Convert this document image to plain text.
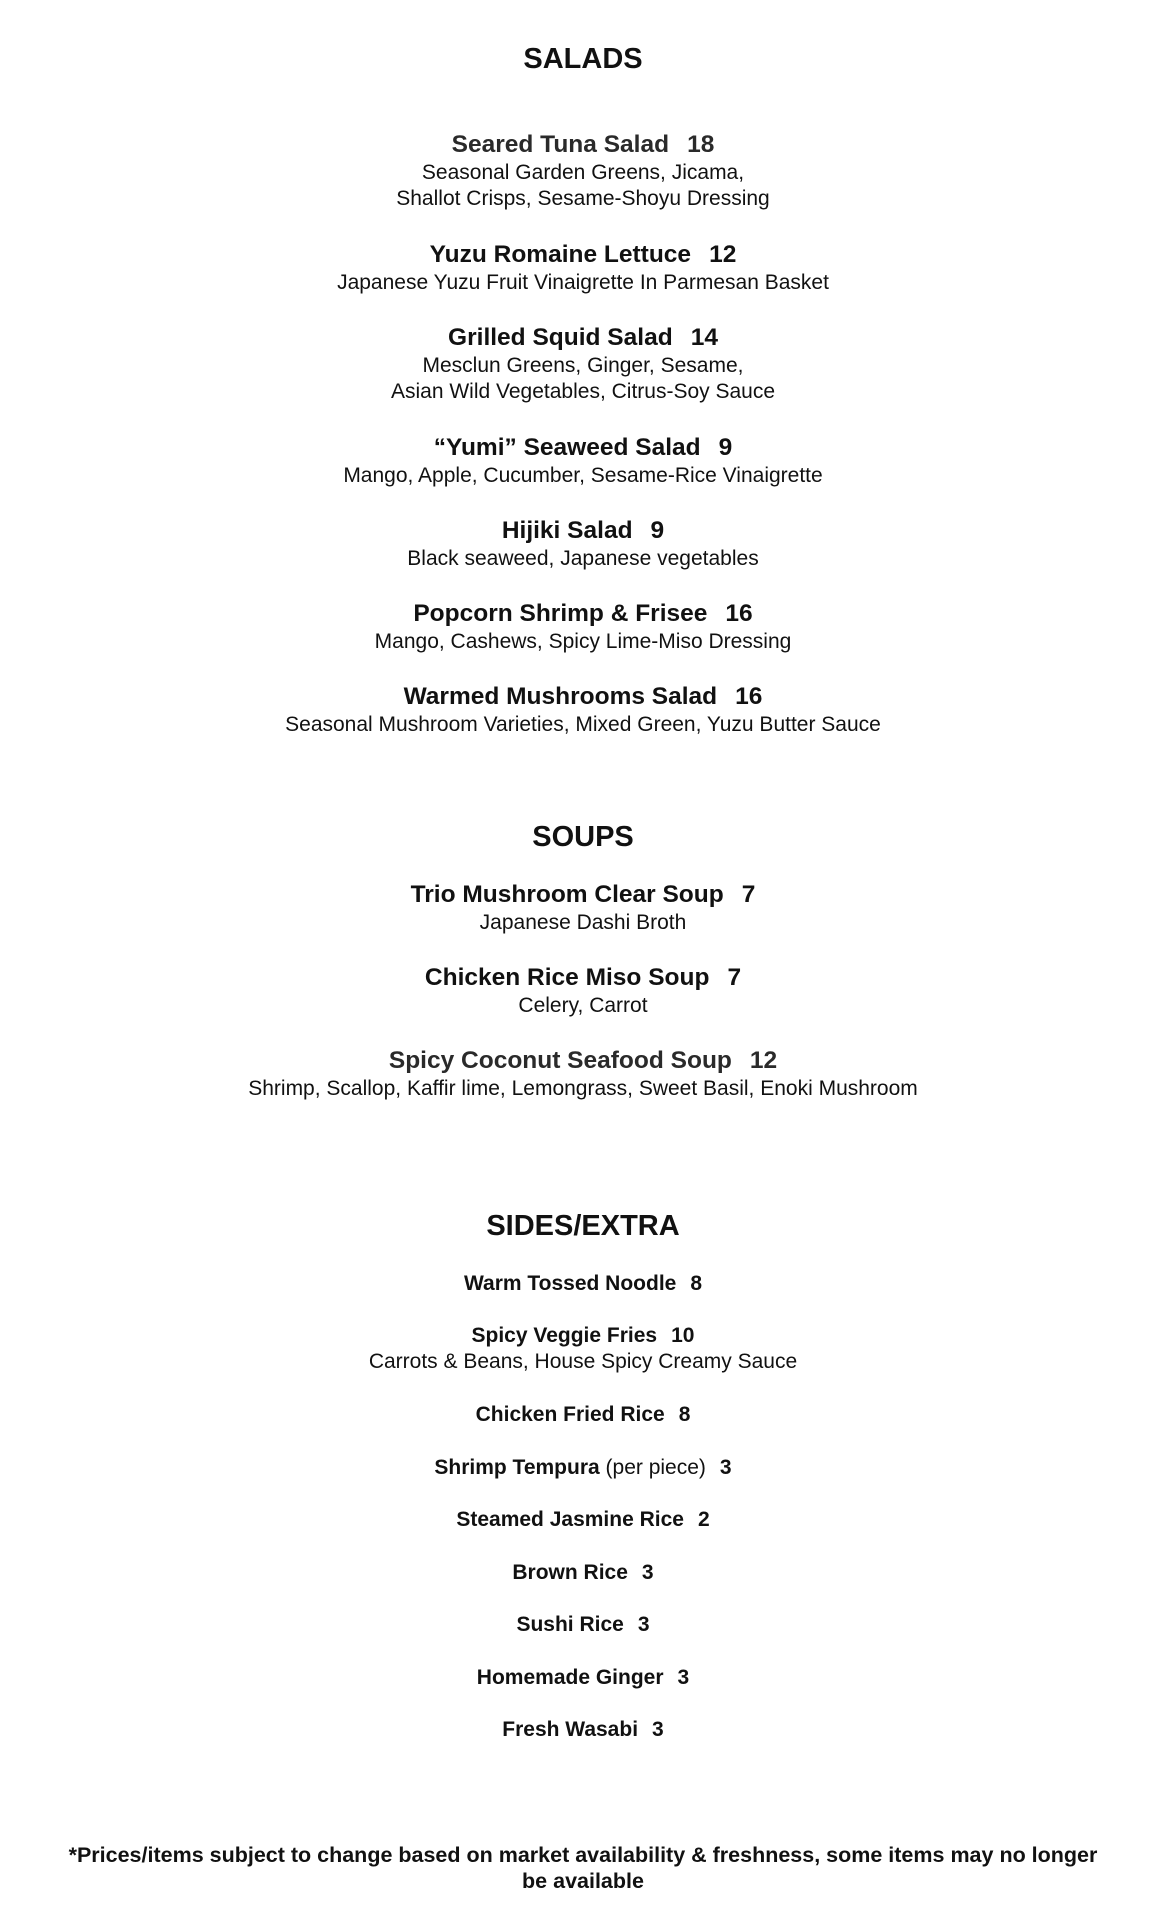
SALADS
Seared Tuna Salad 18
Seasonal Garden Greens, Jicama,
Shallot Crisps, Sesame-Shoyu Dressing
Yuzu Romaine Lettuce 12
Japanese Yuzu Fruit Vinaigrette In Parmesan Basket
Grilled Squid Salad 14
Mesclun Greens, Ginger, Sesame,
Asian Wild Vegetables, Citrus-Soy Sauce
“Yumi” Seaweed Salad 9
Mango, Apple, Cucumber, Sesame-Rice Vinaigrette
Hijiki Salad 9
Black seaweed, Japanese vegetables
Popcorn Shrimp & Frisee 16
Mango, Cashews, Spicy Lime-Miso Dressing
Warmed Mushrooms Salad 16
Seasonal Mushroom Varieties, Mixed Green, Yuzu Butter Sauce
SOUPS
Trio Mushroom Clear Soup 7
Japanese Dashi Broth
Chicken Rice Miso Soup 7
Celery, Carrot
Spicy Coconut Seafood Soup 12
Shrimp, Scallop, Kaffir lime, Lemongrass, Sweet Basil, Enoki Mushroom
SIDES/EXTRA
Warm Tossed Noodle 8
Spicy Veggie Fries 10
Carrots & Beans, House Spicy Creamy Sauce
Chicken Fried Rice 8
Shrimp Tempura (per piece) 3
Steamed Jasmine Rice 2
Brown Rice 3
Sushi Rice 3
Homemade Ginger 3
Fresh Wasabi 3
*Prices/items subject to change based on market availability & freshness, some items may no longer be available
